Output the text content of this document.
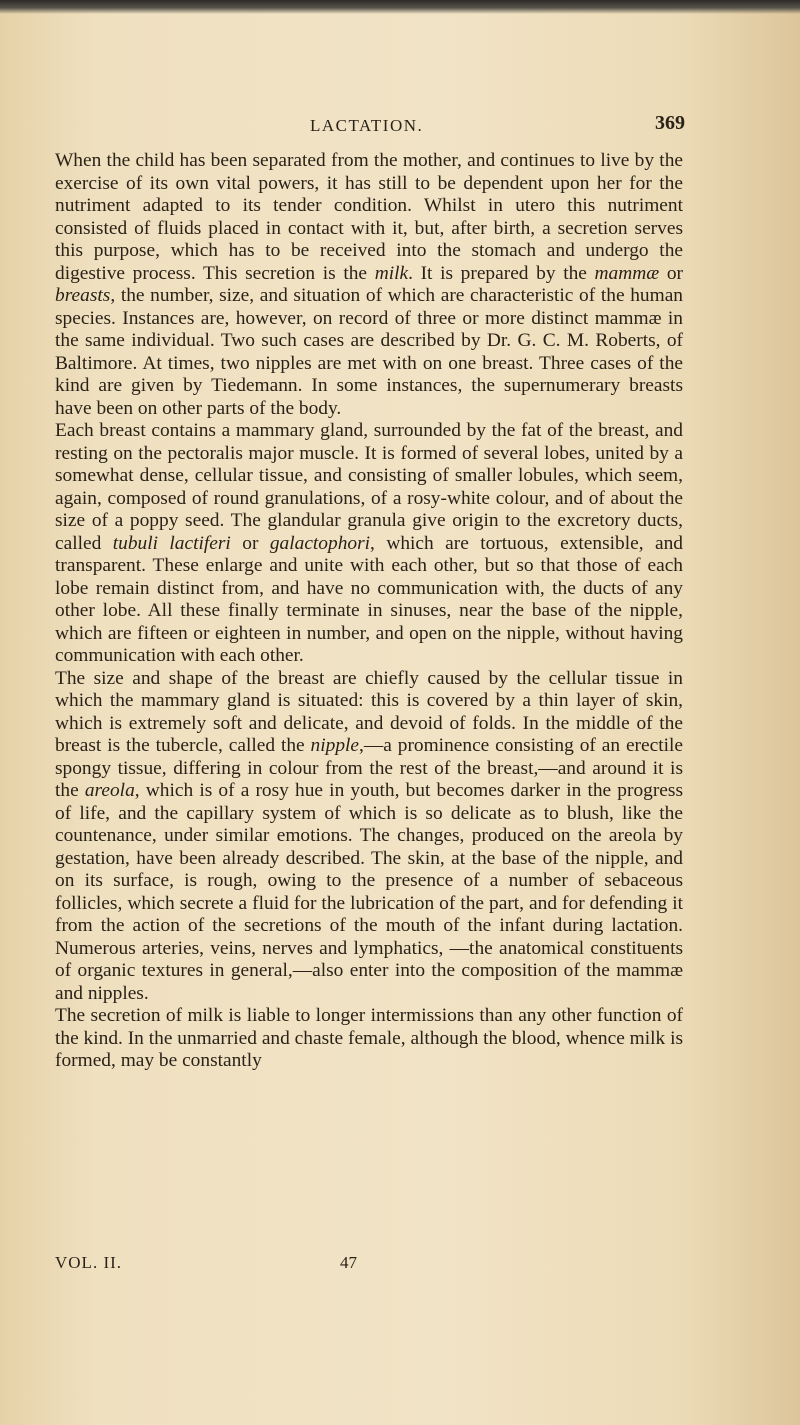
LACTATION.	369

When the child has been separated from the mother, and continues to live by the exercise of its own vital powers, it has still to be dependent upon her for the nutriment adapted to its tender condition. Whilst in utero this nutriment consisted of fluids placed in contact with it, but, after birth, a secretion serves this purpose, which has to be received into the stomach and undergo the digestive process. This secretion is the milk. It is prepared by the mammæ or breasts, the number, size, and situation of which are characteristic of the human species. Instances are, however, on record of three or more distinct mammæ in the same individual. Two such cases are described by Dr. G. C. M. Roberts, of Baltimore. At times, two nipples are met with on one breast. Three cases of the kind are given by Tiedemann. In some instances, the supernumerary breasts have been on other parts of the body.

Each breast contains a mammary gland, surrounded by the fat of the breast, and resting on the pectoralis major muscle. It is formed of several lobes, united by a somewhat dense, cellular tissue, and consisting of smaller lobules, which seem, again, composed of round granulations, of a rosy-white colour, and of about the size of a poppy seed. The glandular granula give origin to the excretory ducts, called tubuli lactiferi or galactophori, which are tortuous, extensible, and transparent. These enlarge and unite with each other, but so that those of each lobe remain distinct from, and have no communication with, the ducts of any other lobe. All these finally terminate in sinuses, near the base of the nipple, which are fifteen or eighteen in number, and open on the nipple, without having communication with each other.

The size and shape of the breast are chiefly caused by the cellular tissue in which the mammary gland is situated: this is covered by a thin layer of skin, which is extremely soft and delicate, and devoid of folds. In the middle of the breast is the tubercle, called the nipple,—a prominence consisting of an erectile spongy tissue, differing in colour from the rest of the breast,—and around it is the areola, which is of a rosy hue in youth, but becomes darker in the progress of life, and the capillary system of which is so delicate as to blush, like the countenance, under similar emotions. The changes, produced on the areola by gestation, have been already described. The skin, at the base of the nipple, and on its surface, is rough, owing to the presence of a number of sebaceous follicles, which secrete a fluid for the lubrication of the part, and for defending it from the action of the secretions of the mouth of the infant during lactation. Numerous arteries, veins, nerves and lymphatics, —the anatomical constituents of organic textures in general,—also enter into the composition of the mammæ and nipples.

The secretion of milk is liable to longer intermissions than any other function of the kind. In the unmarried and chaste female, although the blood, whence milk is formed, may be constantly

VOL. II.	47
